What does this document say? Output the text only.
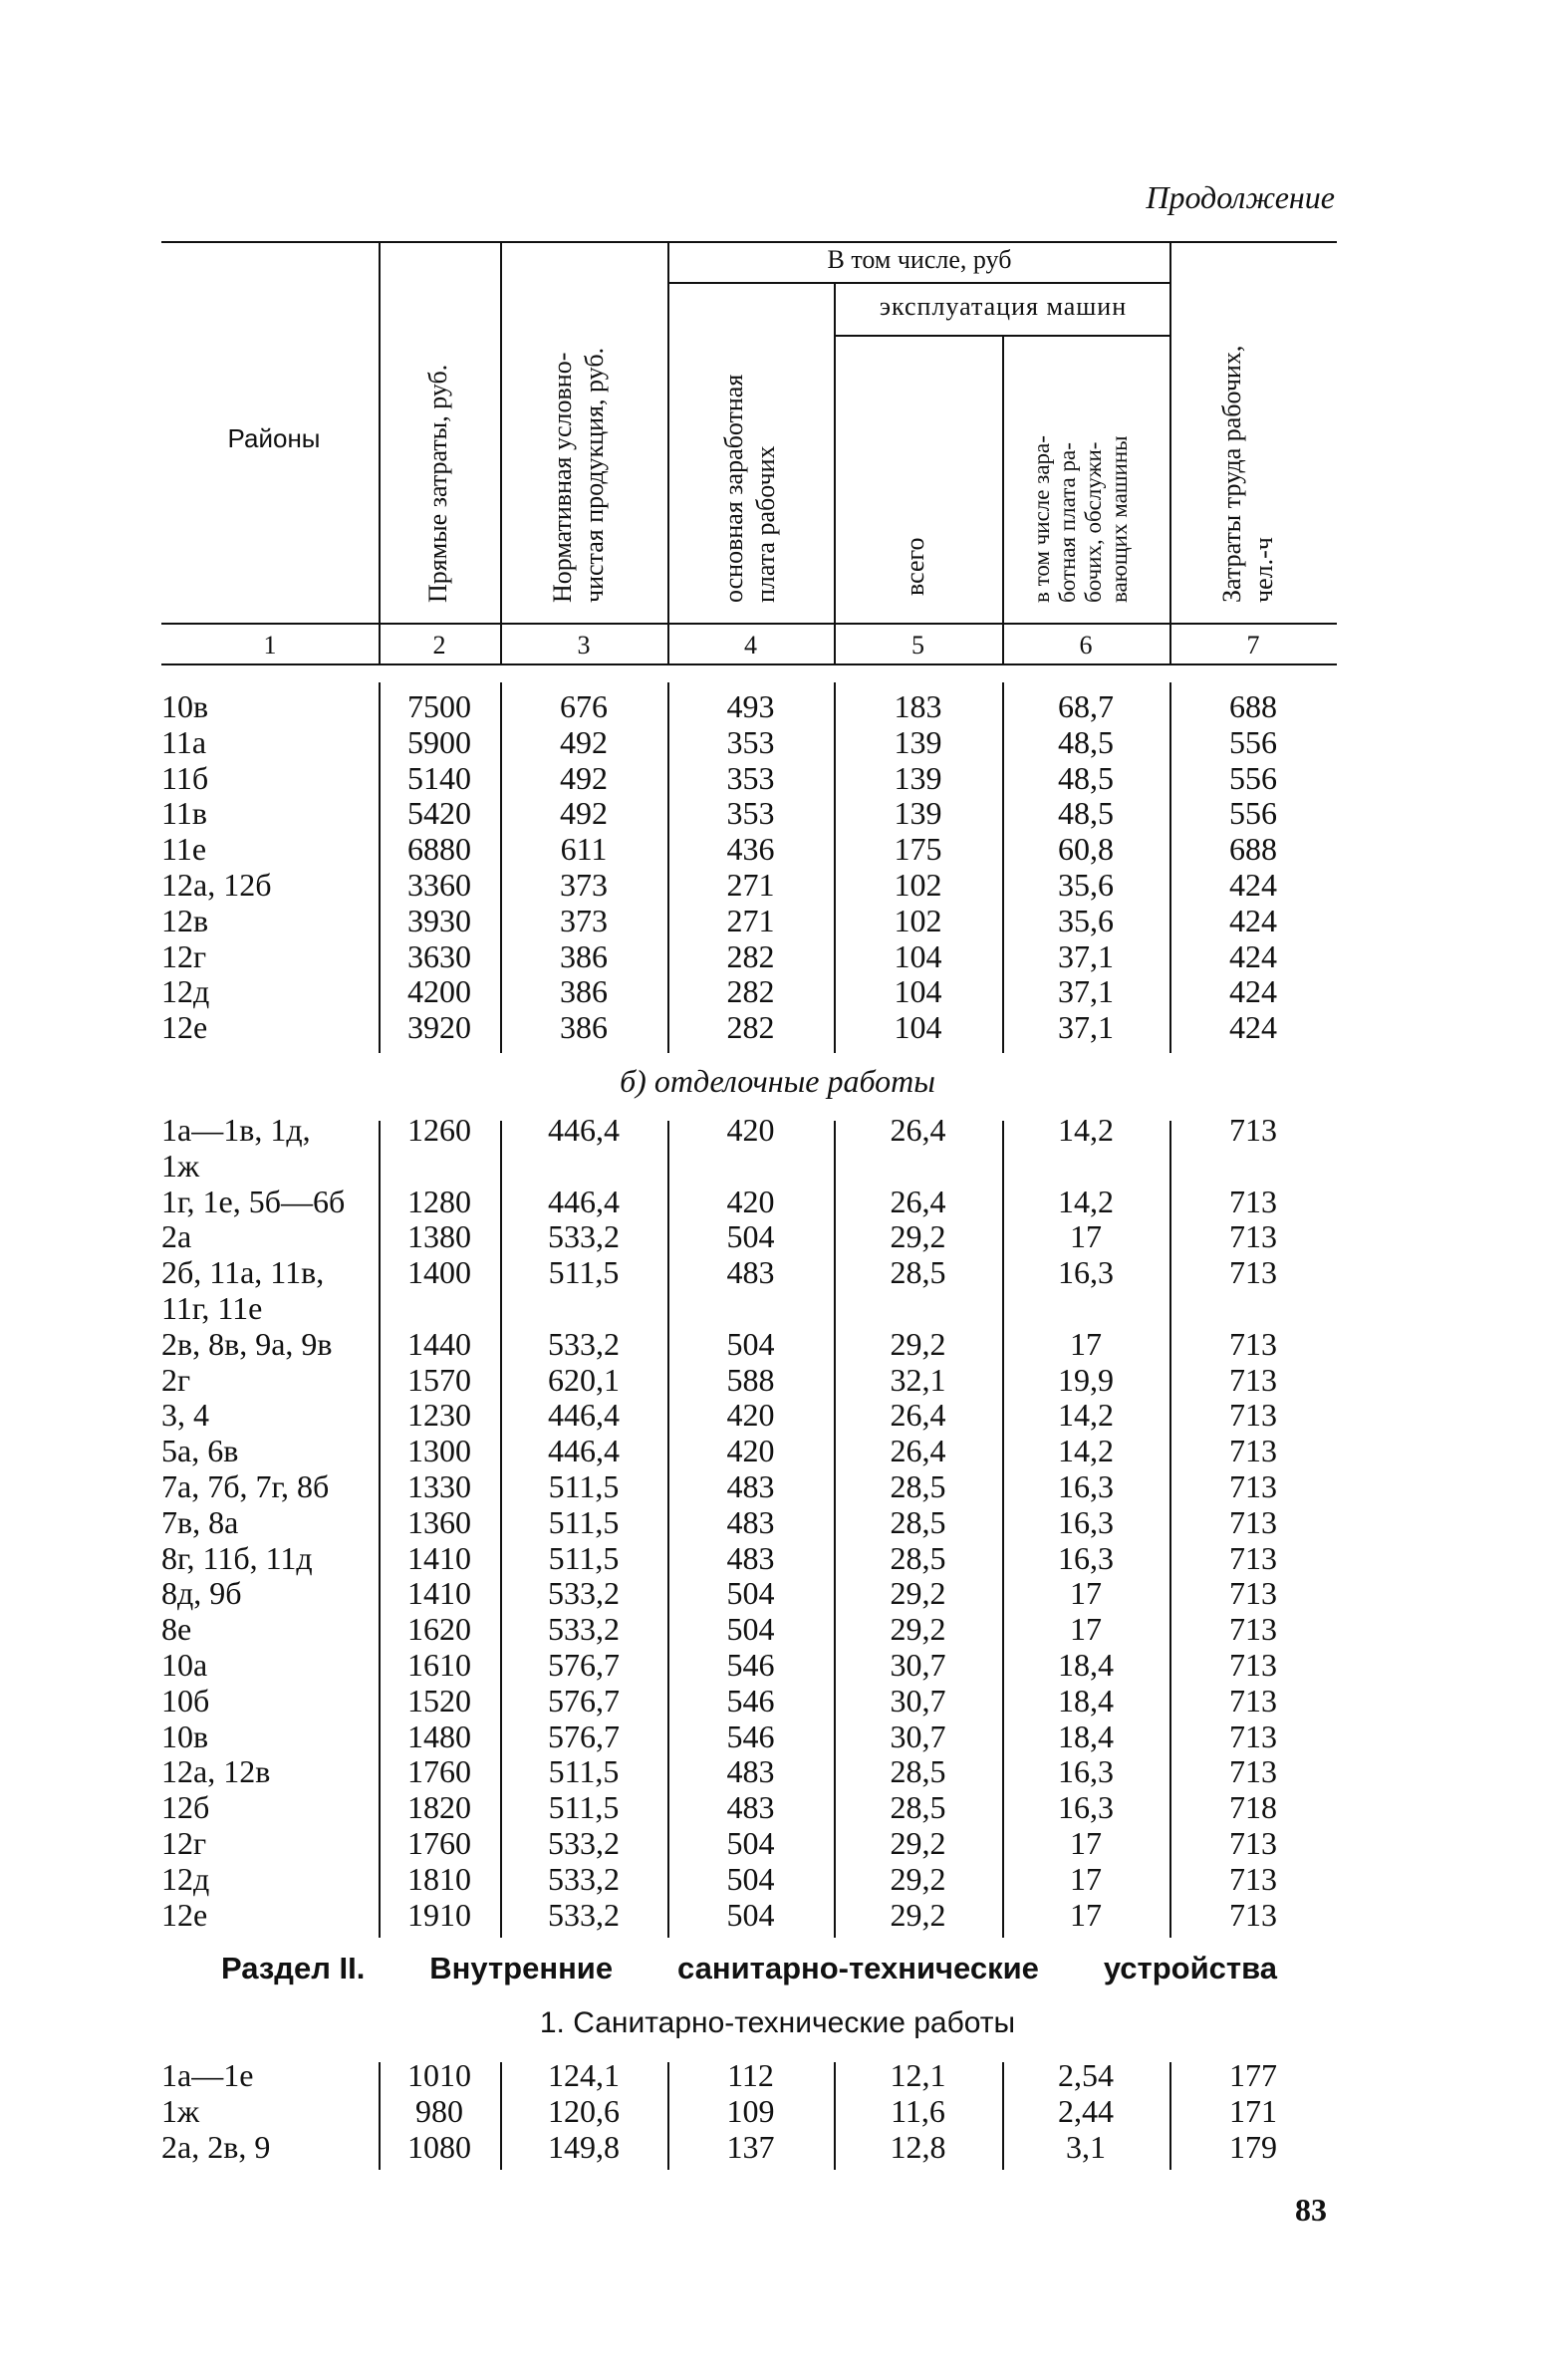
Продолжение
Районы	Прямые затраты, руб.	Нормативная условно- чистая продукция, руб.
В том числе, руб
основная заработная плата рабочих
эксплуатация машин
всего	в том числе зара- ботная плата ра- бочих, обслужи- вающих машины	Затраты труда рабочих, чел.-ч
1	2	3	4	5	6	7
10в	7500	676	493	183	68,7	688
11а	5900	492	353	139	48,5	556
11б	5140	492	353	139	48,5	556
11в	5420	492	353	139	48,5	556
11е	6880	611	436	175	60,8	688
12а, 12б	3360	373	271	102	35,6	424
12в	3930	373	271	102	35,6	424
12г	3630	386	282	104	37,1	424
12д	4200	386	282	104	37,1	424
12е	3920	386	282	104	37,1	424
б) отделочные работы
1а—1в, 1д,	1260	446,4	420	26,4	14,2	713
1ж
1г, 1е, 5б—6б	1280	446,4	420	26,4	14,2	713
2а	1380	533,2	504	29,2	17	713
2б, 11а, 11в,	1400	511,5	483	28,5	16,3	713
11г, 11е
2в, 8в, 9а, 9в	1440	533,2	504	29,2	17	713
2г	1570	620,1	588	32,1	19,9	713
3, 4	1230	446,4	420	26,4	14,2	713
5а, 6в	1300	446,4	420	26,4	14,2	713
7а, 7б, 7г, 8б	1330	511,5	483	28,5	16,3	713
7в, 8а	1360	511,5	483	28,5	16,3	713
8г, 11б, 11д	1410	511,5	483	28,5	16,3	713
8д, 9б	1410	533,2	504	29,2	17	713
8е	1620	533,2	504	29,2	17	713
10а	1610	576,7	546	30,7	18,4	713
10б	1520	576,7	546	30,7	18,4	713
10в	1480	576,7	546	30,7	18,4	713
12а, 12в	1760	511,5	483	28,5	16,3	713
12б	1820	511,5	483	28,5	16,3	718
12г	1760	533,2	504	29,2	17	713
12д	1810	533,2	504	29,2	17	713
12е	1910	533,2	504	29,2	17	713
Раздел II. Внутренние санитарно-технические устройства
1. Санитарно-технические работы
1а—1е	1010	124,1	112	12,1	2,54	177
1ж	980	120,6	109	11,6	2,44	171
2а, 2в, 9	1080	149,8	137	12,8	3,1	179
83
